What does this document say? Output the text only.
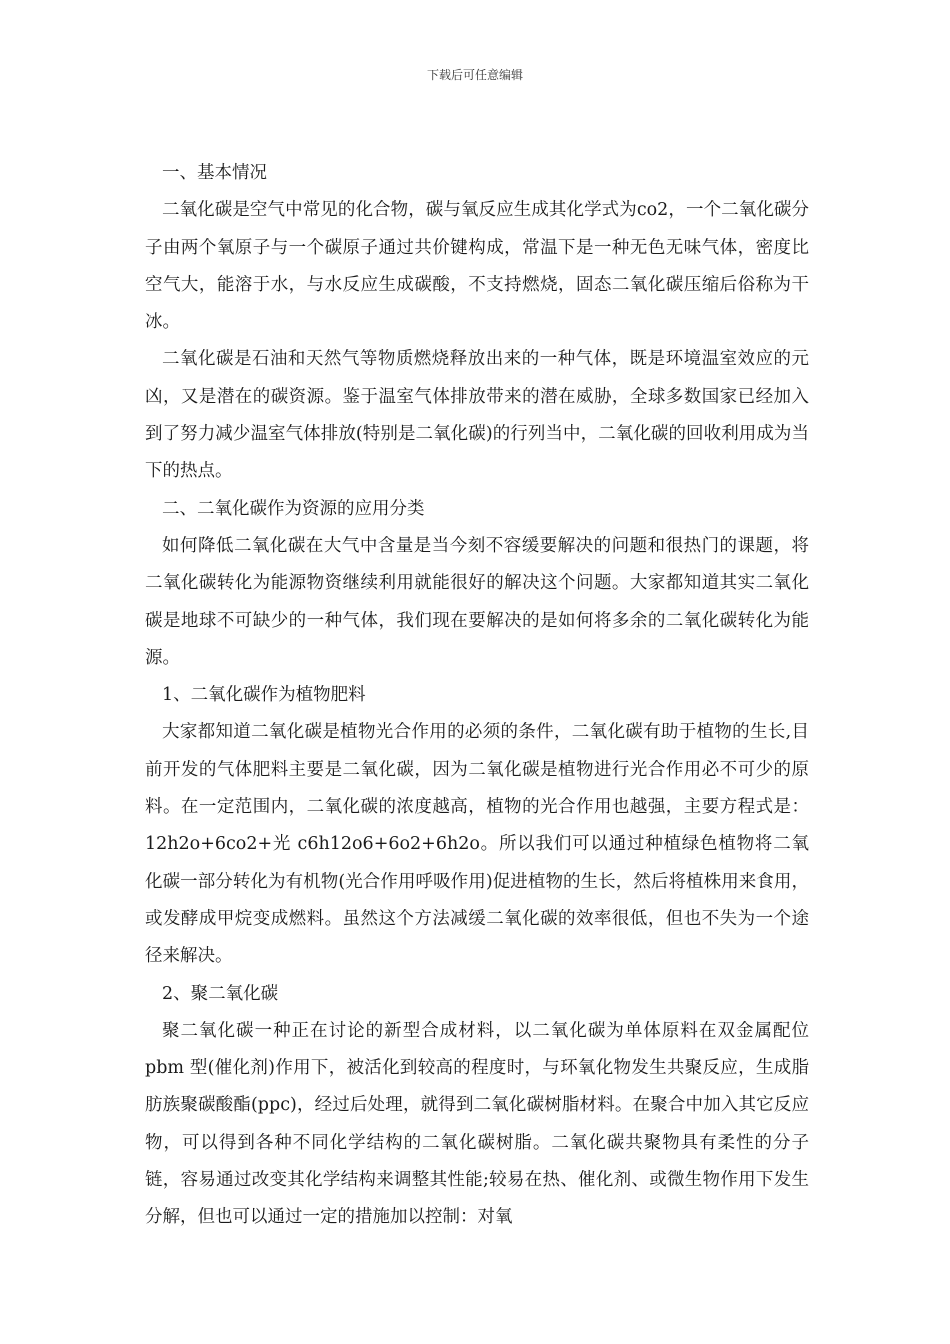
下载后可任意编辑

一、基本情况

二氧化碳是空气中常见的化合物，碳与氧反应生成其化学式为co2，一个二氧化碳分子由两个氧原子与一个碳原子通过共价键构成，常温下是一种无色无味气体，密度比空气大，能溶于水，与水反应生成碳酸，不支持燃烧，固态二氧化碳压缩后俗称为干冰。

二氧化碳是石油和天然气等物质燃烧释放出来的一种气体，既是环境温室效应的元凶，又是潜在的碳资源。鉴于温室气体排放带来的潜在威胁，全球多数国家已经加入到了努力减少温室气体排放(特别是二氧化碳)的行列当中，二氧化碳的回收利用成为当下的热点。

二、二氧化碳作为资源的应用分类

如何降低二氧化碳在大气中含量是当今刻不容缓要解决的问题和很热门的课题，将二氧化碳转化为能源物资继续利用就能很好的解决这个问题。大家都知道其实二氧化碳是地球不可缺少的一种气体，我们现在要解决的是如何将多余的二氧化碳转化为能源。

1、二氧化碳作为植物肥料

大家都知道二氧化碳是植物光合作用的必须的条件，二氧化碳有助于植物的生长,目前开发的气体肥料主要是二氧化碳，因为二氧化碳是植物进行光合作用必不可少的原料。在一定范围内，二氧化碳的浓度越高，植物的光合作用也越强，主要方程式是：12h2o+6co2+光 c6h12o6+6o2+6h2o。所以我们可以通过种植绿色植物将二氧化碳一部分转化为有机物(光合作用呼吸作用)促进植物的生长，然后将植株用来食用，或发酵成甲烷变成燃料。虽然这个方法减缓二氧化碳的效率很低，但也不失为一个途径来解决。

2、聚二氧化碳

聚二氧化碳一种正在讨论的新型合成材料，以二氧化碳为单体原料在双金属配位 pbm 型(催化剂)作用下，被活化到较高的程度时，与环氧化物发生共聚反应，生成脂肪族聚碳酸酯(ppc)，经过后处理，就得到二氧化碳树脂材料。在聚合中加入其它反应物，可以得到各种不同化学结构的二氧化碳树脂。二氧化碳共聚物具有柔性的分子链，容易通过改变其化学结构来调整其性能;较易在热、催化剂、或微生物作用下发生分解，但也可以通过一定的措施加以控制：对氧
